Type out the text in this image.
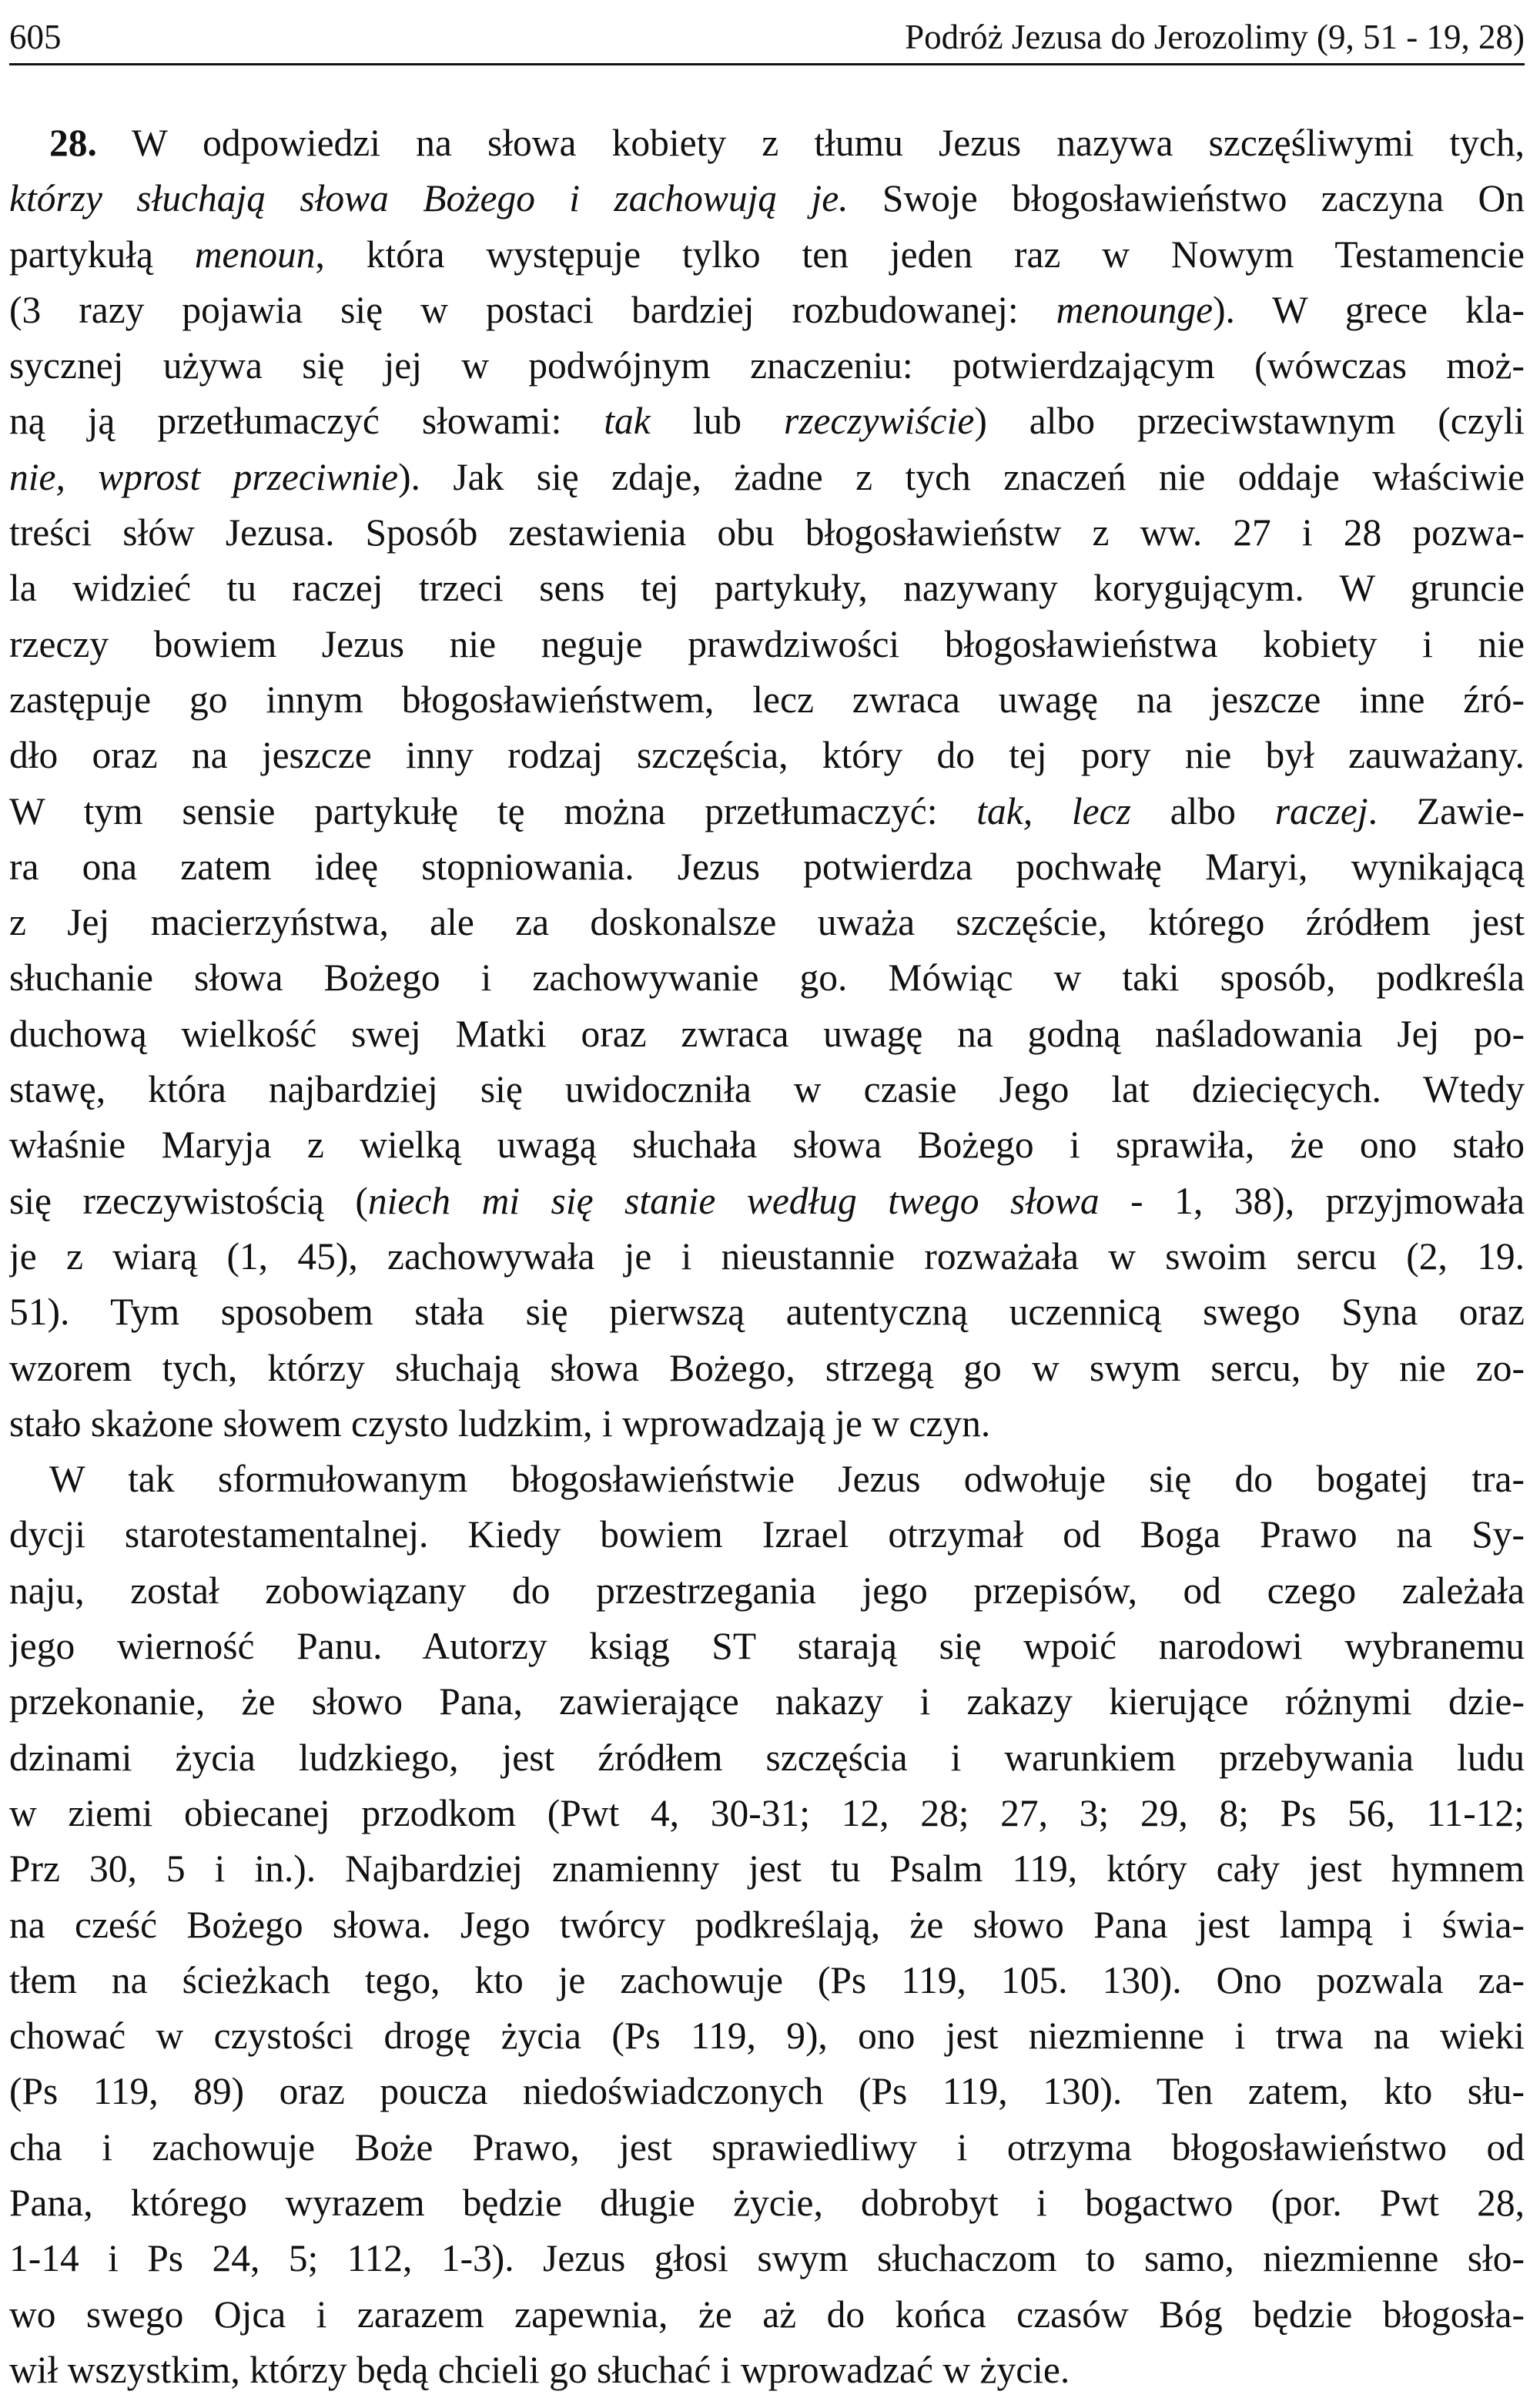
605	Podróż Jezusa do Jerozolimy (9, 51 - 19, 28)
28. W odpowiedzi na słowa kobiety z tłumu Jezus nazywa szczęśliwymi tych,
którzy słuchają słowa Bożego i zachowują je. Swoje błogosławieństwo zaczyna On
partykułą menoun, która występuje tylko ten jeden raz w Nowym Testamencie
(3 razy pojawia się w postaci bardziej rozbudowanej: menounge). W grece kla-
sycznej używa się jej w podwójnym znaczeniu: potwierdzającym (wówczas moż-
ną ją przetłumaczyć słowami: tak lub rzeczywiście) albo przeciwstawnym (czyli
nie, wprost przeciwnie). Jak się zdaje, żadne z tych znaczeń nie oddaje właściwie
treści słów Jezusa. Sposób zestawienia obu błogosławieństw z ww. 27 i 28 pozwa-
la widzieć tu raczej trzeci sens tej partykuły, nazywany korygującym. W gruncie
rzeczy bowiem Jezus nie neguje prawdziwości błogosławieństwa kobiety i nie
zastępuje go innym błogosławieństwem, lecz zwraca uwagę na jeszcze inne źró-
dło oraz na jeszcze inny rodzaj szczęścia, który do tej pory nie był zauważany.
W tym sensie partykułę tę można przetłumaczyć: tak, lecz albo raczej. Zawie-
ra ona zatem ideę stopniowania. Jezus potwierdza pochwałę Maryi, wynikającą
z Jej macierzyństwa, ale za doskonalsze uważa szczęście, którego źródłem jest
słuchanie słowa Bożego i zachowywanie go. Mówiąc w taki sposób, podkreśla
duchową wielkość swej Matki oraz zwraca uwagę na godną naśladowania Jej po-
stawę, która najbardziej się uwidoczniła w czasie Jego lat dziecięcych. Wtedy
właśnie Maryja z wielką uwagą słuchała słowa Bożego i sprawiła, że ono stało
się rzeczywistością (niech mi się stanie według twego słowa - 1, 38), przyjmowała
je z wiarą (1, 45), zachowywała je i nieustannie rozważała w swoim sercu (2, 19.
51). Tym sposobem stała się pierwszą autentyczną uczennicą swego Syna oraz
wzorem tych, którzy słuchają słowa Bożego, strzegą go w swym sercu, by nie zo-
stało skażone słowem czysto ludzkim, i wprowadzają je w czyn.
W tak sformułowanym błogosławieństwie Jezus odwołuje się do bogatej tra-
dycji starotestamentalnej. Kiedy bowiem Izrael otrzymał od Boga Prawo na Sy-
naju, został zobowiązany do przestrzegania jego przepisów, od czego zależała
jego wierność Panu. Autorzy ksiąg ST starają się wpoić narodowi wybranemu
przekonanie, że słowo Pana, zawierające nakazy i zakazy kierujące różnymi dzie-
dzinami życia ludzkiego, jest źródłem szczęścia i warunkiem przebywania ludu
w ziemi obiecanej przodkom (Pwt 4, 30-31; 12, 28; 27, 3; 29, 8; Ps 56, 11-12;
Prz 30, 5 i in.). Najbardziej znamienny jest tu Psalm 119, który cały jest hymnem
na cześć Bożego słowa. Jego twórcy podkreślają, że słowo Pana jest lampą i świa-
tłem na ścieżkach tego, kto je zachowuje (Ps 119, 105. 130). Ono pozwala za-
chować w czystości drogę życia (Ps 119, 9), ono jest niezmienne i trwa na wieki
(Ps 119, 89) oraz poucza niedoświadczonych (Ps 119, 130). Ten zatem, kto słu-
cha i zachowuje Boże Prawo, jest sprawiedliwy i otrzyma błogosławieństwo od
Pana, którego wyrazem będzie długie życie, dobrobyt i bogactwo (por. Pwt 28,
1-14 i Ps 24, 5; 112, 1-3). Jezus głosi swym słuchaczom to samo, niezmienne sło-
wo swego Ojca i zarazem zapewnia, że aż do końca czasów Bóg będzie błogosła-
wił wszystkim, którzy będą chcieli go słuchać i wprowadzać w życie.
